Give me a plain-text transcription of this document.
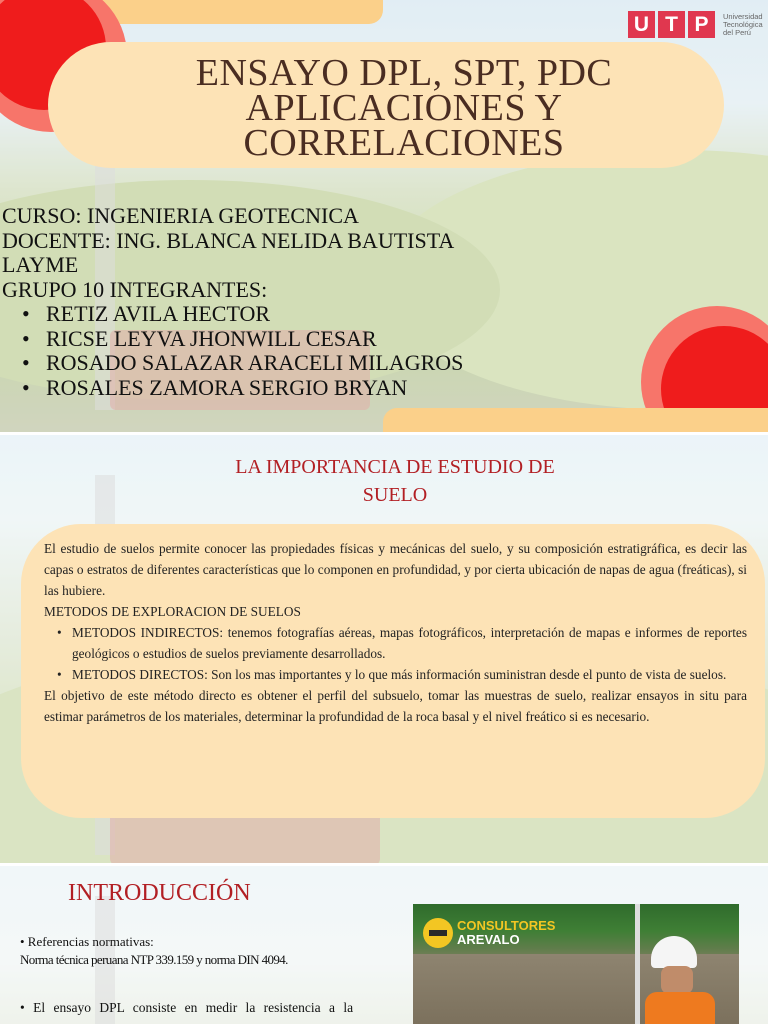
ENSAYO DPL, SPT, PDC
APLICACIONES Y
CORRELACIONES
U T P	Universidad
Tecnológica
del Perú
CURSO: INGENIERIA GEOTECNICA
DOCENTE: ING. BLANCA NELIDA BAUTISTA
LAYME
GRUPO 10 INTEGRANTES:
• RETIZ AVILA HECTOR
• RICSE LEYVA JHONWILL CESAR
• ROSADO SALAZAR ARACELI MILAGROS
• ROSALES ZAMORA SERGIO BRYAN
LA IMPORTANCIA DE ESTUDIO DE
SUELO

El estudio de suelos permite conocer las propiedades físicas y mecánicas del suelo, y su composición estratigráfica, es decir las capas o estratos de diferentes características que lo componen en profundidad, y por cierta ubicación de napas de agua (freáticas), si las hubiere.

METODOS DE EXPLORACION DE SUELOS

• METODOS INDIRECTOS: tenemos fotografías aéreas, mapas fotográficos, interpretación de mapas e informes de reportes geológicos o estudios de suelos previamente desarrollados.

• METODOS DIRECTOS: Son los mas importantes y lo que más información suministran desde el punto de vista de suelos.

El objetivo de este método directo es obtener el perfil del subsuelo, tomar las muestras de suelo, realizar ensayos in situ para estimar parámetros de los materiales, determinar la profundidad de la roca basal y el nivel freático si es necesario.

INTRODUCCIÓN
• Referencias normativas:
Norma técnica peruana NTP 339.159 y norma DIN 4094.
• El ensayo DPL consiste en medir la resistencia a la
CONSULTORES
AREVALO
